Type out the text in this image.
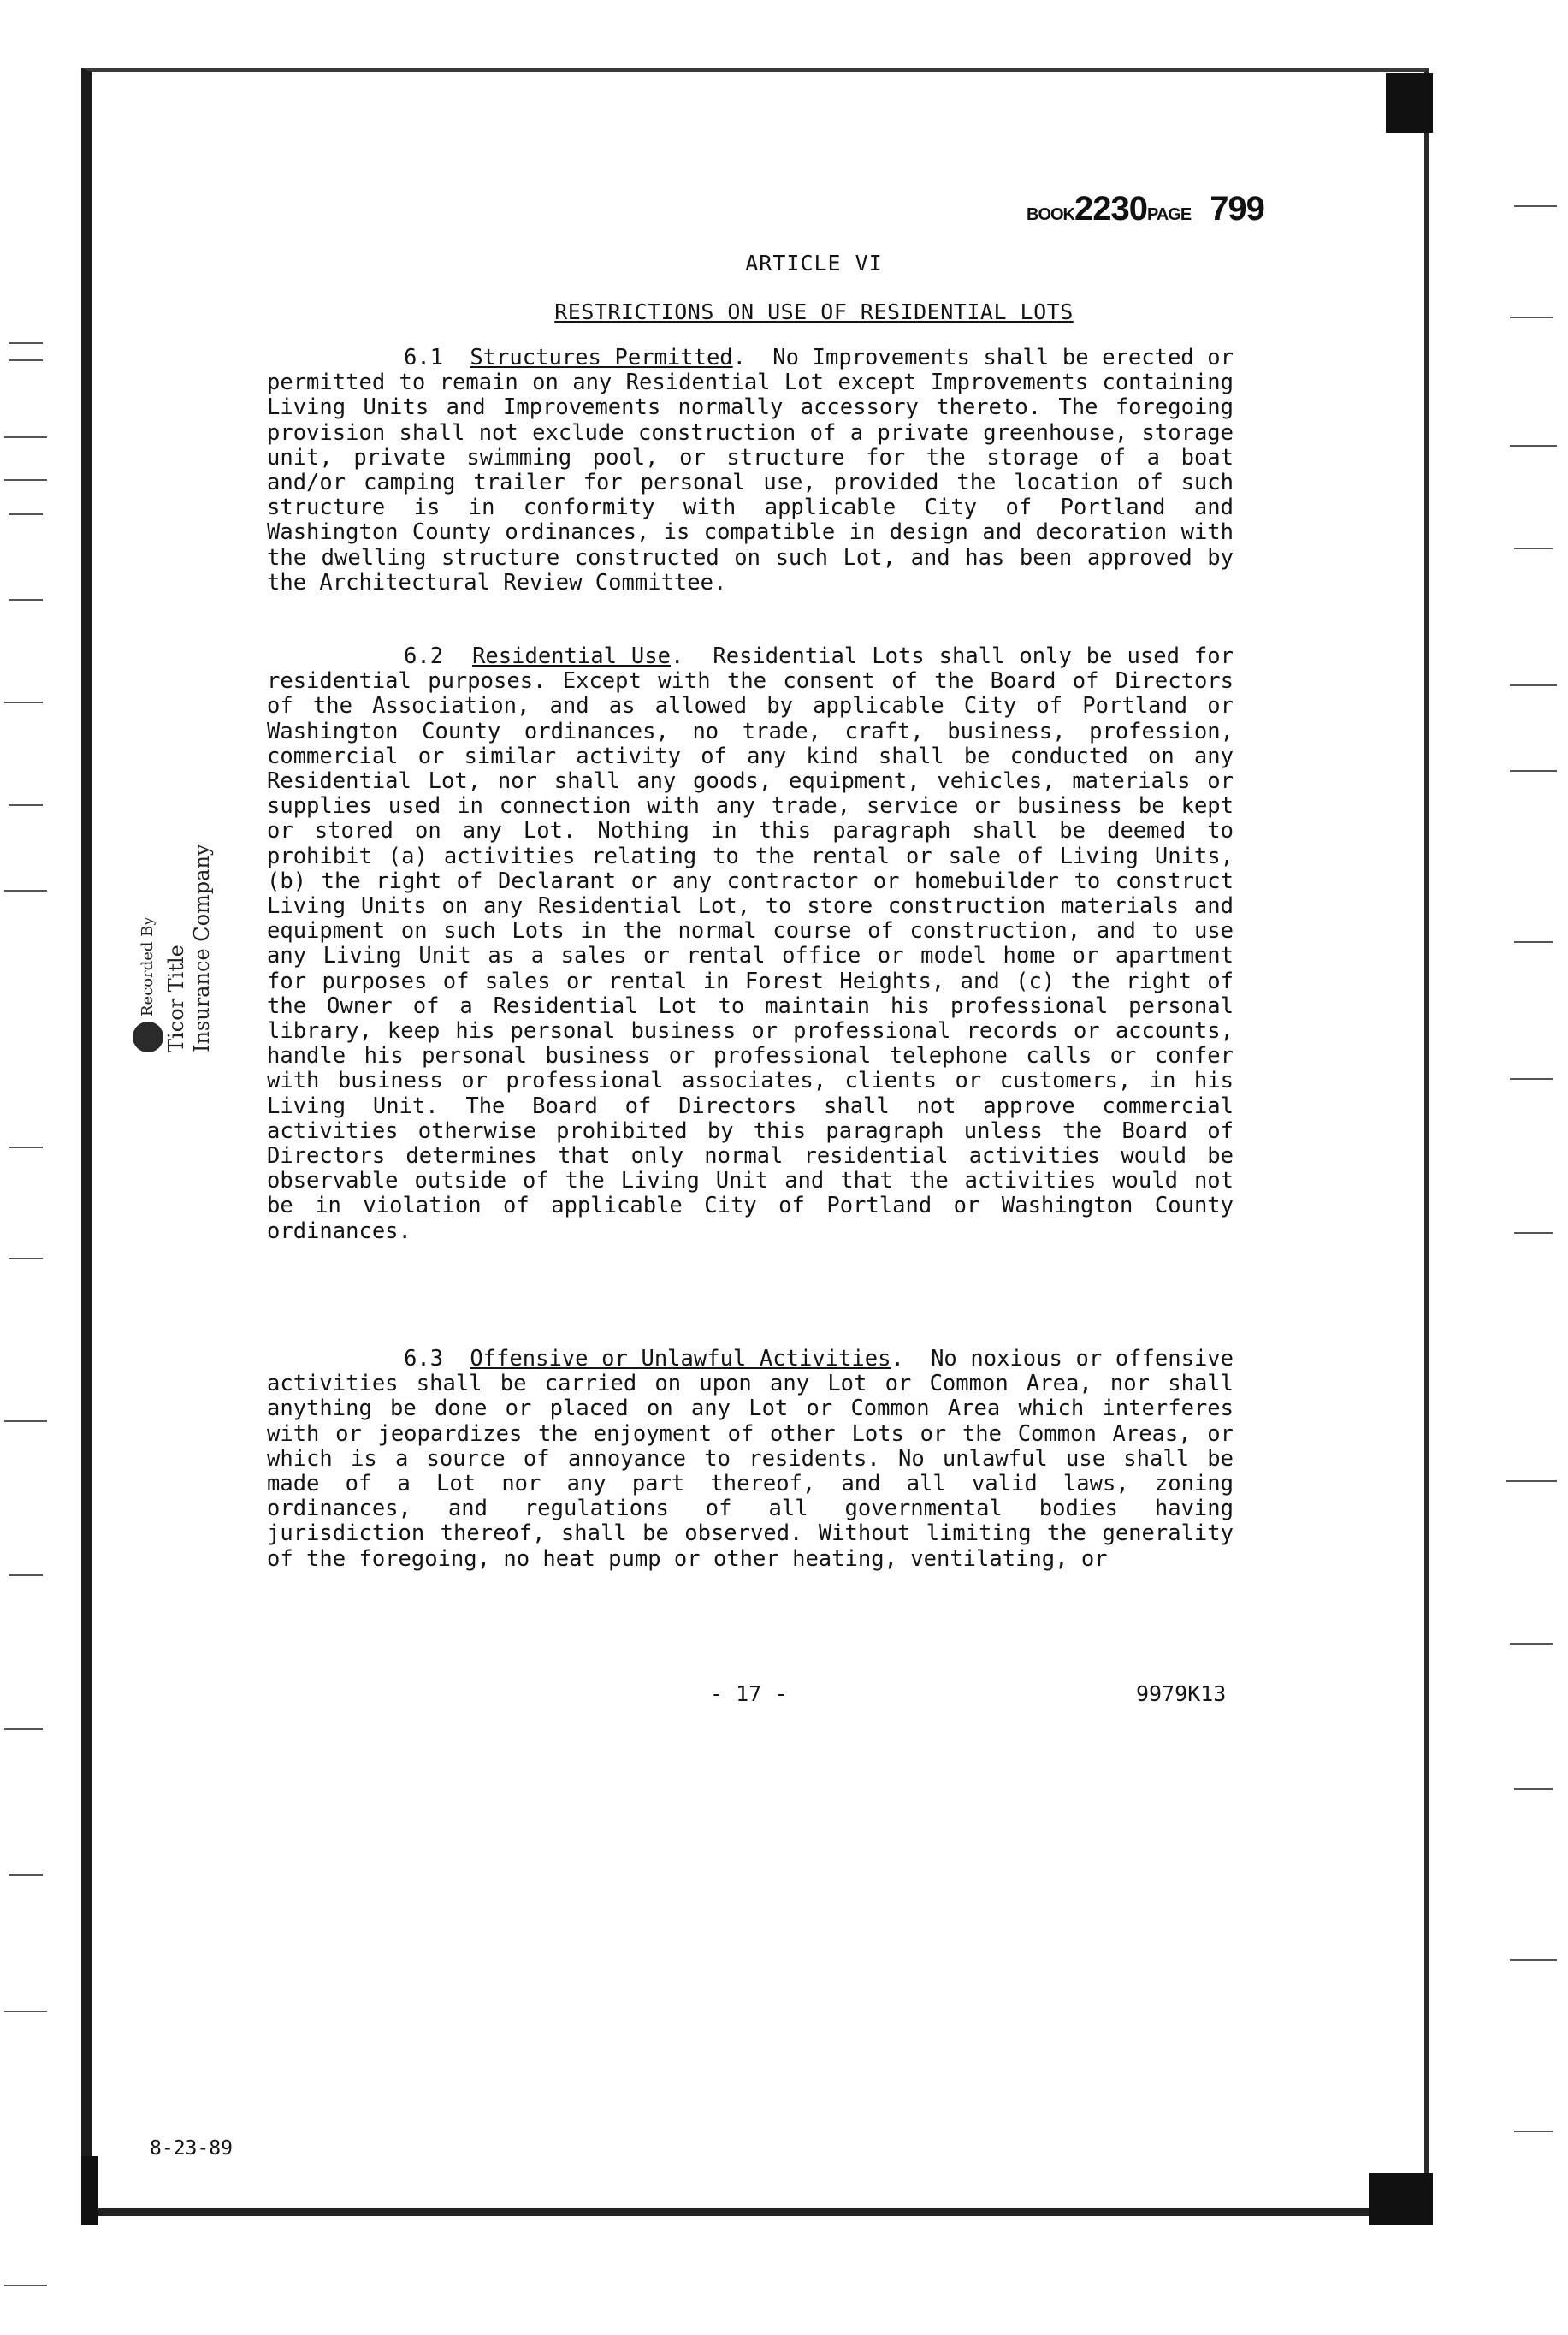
BOOK2230PAGE 799
ARTICLE VI
RESTRICTIONS ON USE OF RESIDENTIAL LOTS
6.1 Structures Permitted.  No Improvements shall be erected or permitted to remain on any Residential Lot except Improvements containing Living Units and Improvements normally accessory thereto. The foregoing provision shall not exclude construction of a private greenhouse, storage unit, private swimming pool, or structure for the storage of a boat and/or camping trailer for personal use, provided the location of such structure is in conformity with applicable City of Portland and Washington County ordinances, is compatible in design and decoration with the dwelling structure constructed on such Lot, and has been approved by the Architectural Review Committee.
6.2 Residential Use.  Residential Lots shall only be used for residential purposes. Except with the consent of the Board of Directors of the Association, and as allowed by applicable City of Portland or Washington County ordinances, no trade, craft, business, profession, commercial or similar activity of any kind shall be conducted on any Residential Lot, nor shall any goods, equipment, vehicles, materials or supplies used in connection with any trade, service or business be kept or stored on any Lot. Nothing in this paragraph shall be deemed to prohibit (a) activities relating to the rental or sale of Living Units, (b) the right of Declarant or any contractor or homebuilder to construct Living Units on any Residential Lot, to store construction materials and equipment on such Lots in the normal course of construction, and to use any Living Unit as a sales or rental office or model home or apartment for purposes of sales or rental in Forest Heights, and (c) the right of the Owner of a Residential Lot to maintain his professional personal library, keep his personal business or professional records or accounts, handle his personal business or professional telephone calls or confer with business or professional associates, clients or customers, in his Living Unit. The Board of Directors shall not approve commercial activities otherwise prohibited by this paragraph unless the Board of Directors determines that only normal residential activities would be observable outside of the Living Unit and that the activities would not be in violation of applicable City of Portland or Washington County ordinances.
6.3 Offensive or Unlawful Activities.  No noxious or offensive activities shall be carried on upon any Lot or Common Area, nor shall anything be done or placed on any Lot or Common Area which interferes with or jeopardizes the enjoyment of other Lots or the Common Areas, or which is a source of annoyance to residents. No unlawful use shall be made of a Lot nor any part thereof, and all valid laws, zoning ordinances, and regulations of all governmental bodies having jurisdiction thereof, shall be observed. Without limiting the generality of the foregoing, no heat pump or other heating, ventilating, or
- 17 -	9979K13
8-23-89
Recorded By Ticor Title Insurance Company
